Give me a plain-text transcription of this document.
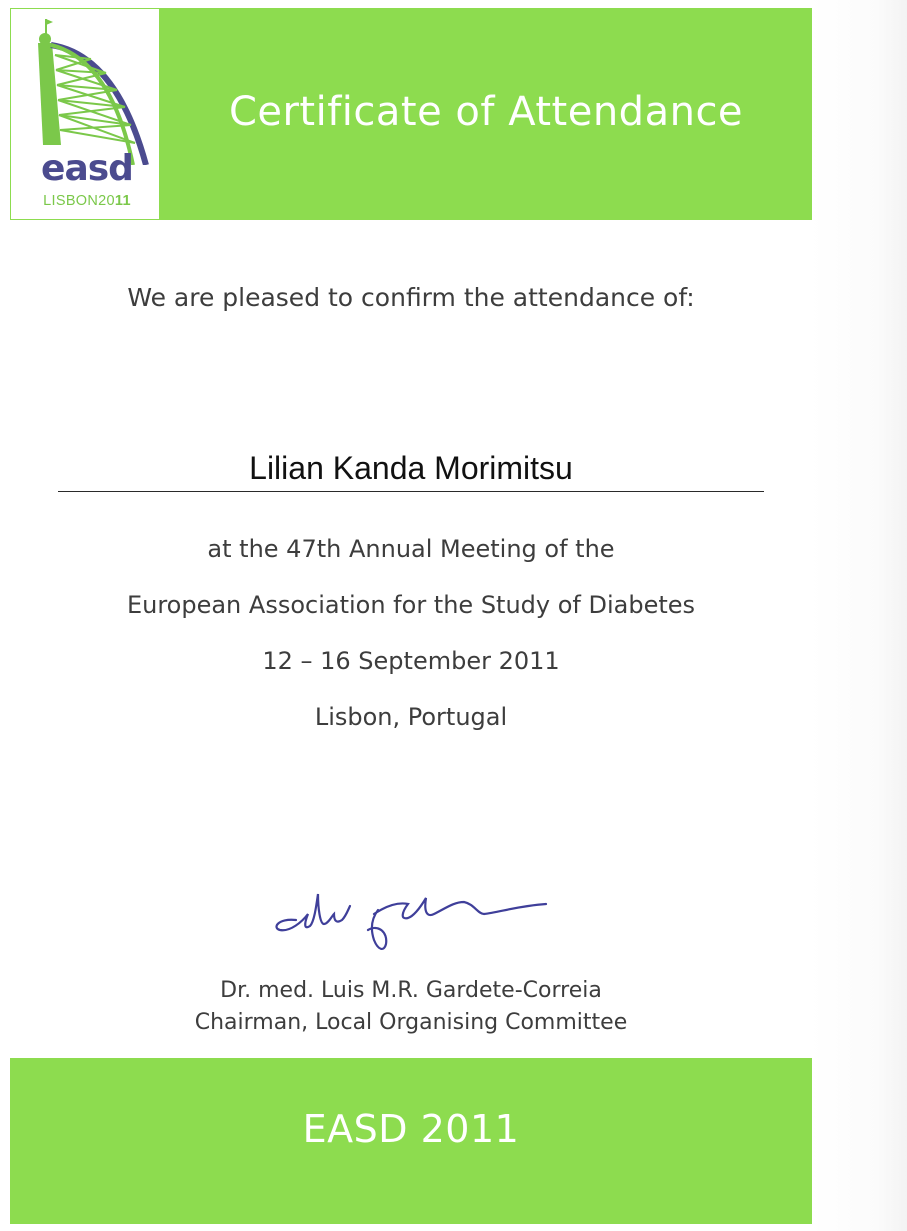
easd
LISBON2011
Certificate of Attendance
We are pleased to confirm the attendance of:
Lilian Kanda Morimitsu
at the 47th Annual Meeting of the
European Association for the Study of Diabetes
12 – 16 September 2011
Lisbon, Portugal
Dr. med. Luis M.R. Gardete-Correia
Chairman, Local Organising Committee
EASD 2011
